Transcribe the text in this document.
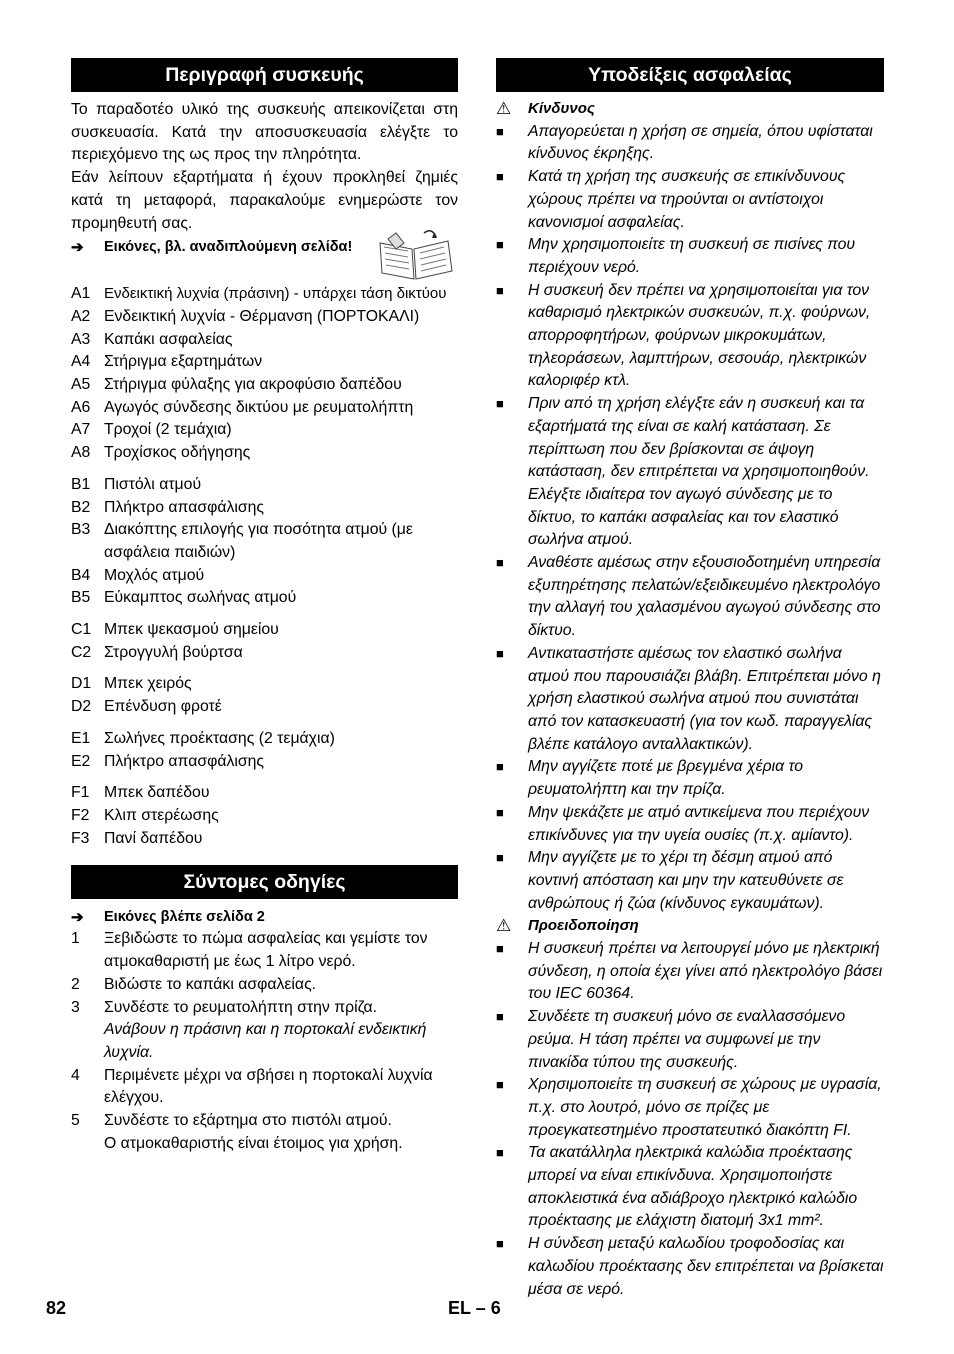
Περιγραφή συσκευής
Το παραδοτέο υλικό της συσκευής απεικονίζεται στη συσκευασία. Κατά την αποσυσκευασία ελέγξτε το περιεχόμενο της ως προς την πληρότητα.
Εάν λείπουν εξαρτήματα ή έχουν προκληθεί ζημιές κατά τη μεταφορά, παρακαλούμε ενημερώστε τον προμηθευτή σας.
➔	Εικόνες, βλ. αναδιπλούμενη σελίδα!
A1 Ενδεικτική λυχνία (πράσινη) - υπάρχει τάση δικτύου
A2 Ενδεικτική λυχνία - Θέρμανση (ΠΟΡΤΟΚΑΛΙ)
A3 Καπάκι ασφαλείας
A4 Στήριγμα εξαρτημάτων
A5 Στήριγμα φύλαξης για ακροφύσιο δαπέδου
A6 Αγωγός σύνδεσης δικτύου με ρευματολήπτη
A7 Τροχοί (2 τεμάχια)
A8 Τροχίσκος οδήγησης
B1 Πιστόλι ατμού
B2 Πλήκτρο απασφάλισης
B3 Διακόπτης επιλογής για ποσότητα ατμού (με ασφάλεια παιδιών)
B4 Μοχλός ατμού
B5 Εύκαμπτος σωλήνας ατμού
C1 Μπεκ ψεκασμού σημείου
C2 Στρογγυλή βούρτσα
D1 Μπεκ χειρός
D2 Επένδυση φροτέ
E1 Σωλήνες προέκτασης (2 τεμάχια)
E2 Πλήκτρο απασφάλισης
F1 Μπεκ δαπέδου
F2 Κλιπ στερέωσης
F3 Πανί δαπέδου
Σύντομες οδηγίες
➔	Εικόνες βλέπε σελίδα 2
1	Ξεβιδώστε το πώμα ασφαλείας και γεμίστε τον ατμοκαθαριστή με έως 1 λίτρο νερό.
2	Βιδώστε το καπάκι ασφαλείας.
3	Συνδέστε το ρευματολήπτη στην πρίζα.
Ανάβουν η πράσινη και η πορτοκαλί ενδεικτική λυχνία.
4	Περιμένετε μέχρι να σβήσει η πορτοκαλί λυχνία ελέγχου.
5	Συνδέστε το εξάρτημα στο πιστόλι ατμού.
Ο ατμοκαθαριστής είναι έτοιμος για χρήση.
Υποδείξεις ασφαλείας
⚠	Κίνδυνος
■	Απαγορεύεται η χρήση σε σημεία, όπου υφίσταται κίνδυνος έκρηξης.
■	Κατά τη χρήση της συσκευής σε επικίνδυνους χώρους πρέπει να τηρούνται οι αντίστοιχοι κανονισμοί ασφαλείας.
■	Μην χρησιμοποιείτε τη συσκευή σε πισίνες που περιέχουν νερό.
■	Η συσκευή δεν πρέπει να χρησιμοποιείται για τον καθαρισμό ηλεκτρικών συσκευών, π.χ. φούρνων, απορροφητήρων, φούρνων μικροκυμάτων, τηλεοράσεων, λαμπτήρων, σεσουάρ, ηλεκτρικών καλοριφέρ κτλ.
■	Πριν από τη χρήση ελέγξτε εάν η συσκευή και τα εξαρτήματά της είναι σε καλή κατάσταση. Σε περίπτωση που δεν βρίσκονται σε άψογη κατάσταση, δεν επιτρέπεται να χρησιμοποιηθούν. Ελέγξτε ιδιαίτερα τον αγωγό σύνδεσης με το δίκτυο, το καπάκι ασφαλείας και τον ελαστικό σωλήνα ατμού.
■	Αναθέστε αμέσως στην εξουσιοδοτημένη υπηρεσία εξυπηρέτησης πελατών/εξειδικευμένο ηλεκτρολόγο την αλλαγή του χαλασμένου αγωγού σύνδεσης στο δίκτυο.
■	Αντικαταστήστε αμέσως τον ελαστικό σωλήνα ατμού που παρουσιάζει βλάβη. Επιτρέπεται μόνο η χρήση ελαστικού σωλήνα ατμού που συνιστάται από τον κατασκευαστή (για τον κωδ. παραγγελίας βλέπε κατάλογο ανταλλακτικών).
■	Μην αγγίζετε ποτέ με βρεγμένα χέρια το ρευματολήπτη και την πρίζα.
■	Μην ψεκάζετε με ατμό αντικείμενα που περιέχουν επικίνδυνες για την υγεία ουσίες (π.χ. αμίαντο).
■	Μην αγγίζετε με το χέρι τη δέσμη ατμού από κοντινή απόσταση και μην την κατευθύνετε σε ανθρώπους ή ζώα (κίνδυνος εγκαυμάτων).
⚠	Προειδοποίηση
■	Η συσκευή πρέπει να λειτουργεί μόνο με ηλεκτρική σύνδεση, η οποία έχει γίνει από ηλεκτρολόγο βάσει του IEC 60364.
■	Συνδέετε τη συσκευή μόνο σε εναλλασσόμενο ρεύμα. Η τάση πρέπει να συμφωνεί με την πινακίδα τύπου της συσκευής.
■	Χρησιμοποιείτε τη συσκευή σε χώρους με υγρασία, π.χ. στο λουτρό, μόνο σε πρίζες με προεγκατεστημένο προστατευτικό διακόπτη FI.
■	Τα ακατάλληλα ηλεκτρικά καλώδια προέκτασης μπορεί να είναι επικίνδυνα. Χρησιμοποιήστε αποκλειστικά ένα αδιάβροχο ηλεκτρικό καλώδιο προέκτασης με ελάχιστη διατομή 3x1 mm².
■	Η σύνδεση μεταξύ καλωδίου τροφοδοσίας και καλωδίου προέκτασης δεν επιτρέπεται να βρίσκεται μέσα σε νερό.
82	EL – 6
